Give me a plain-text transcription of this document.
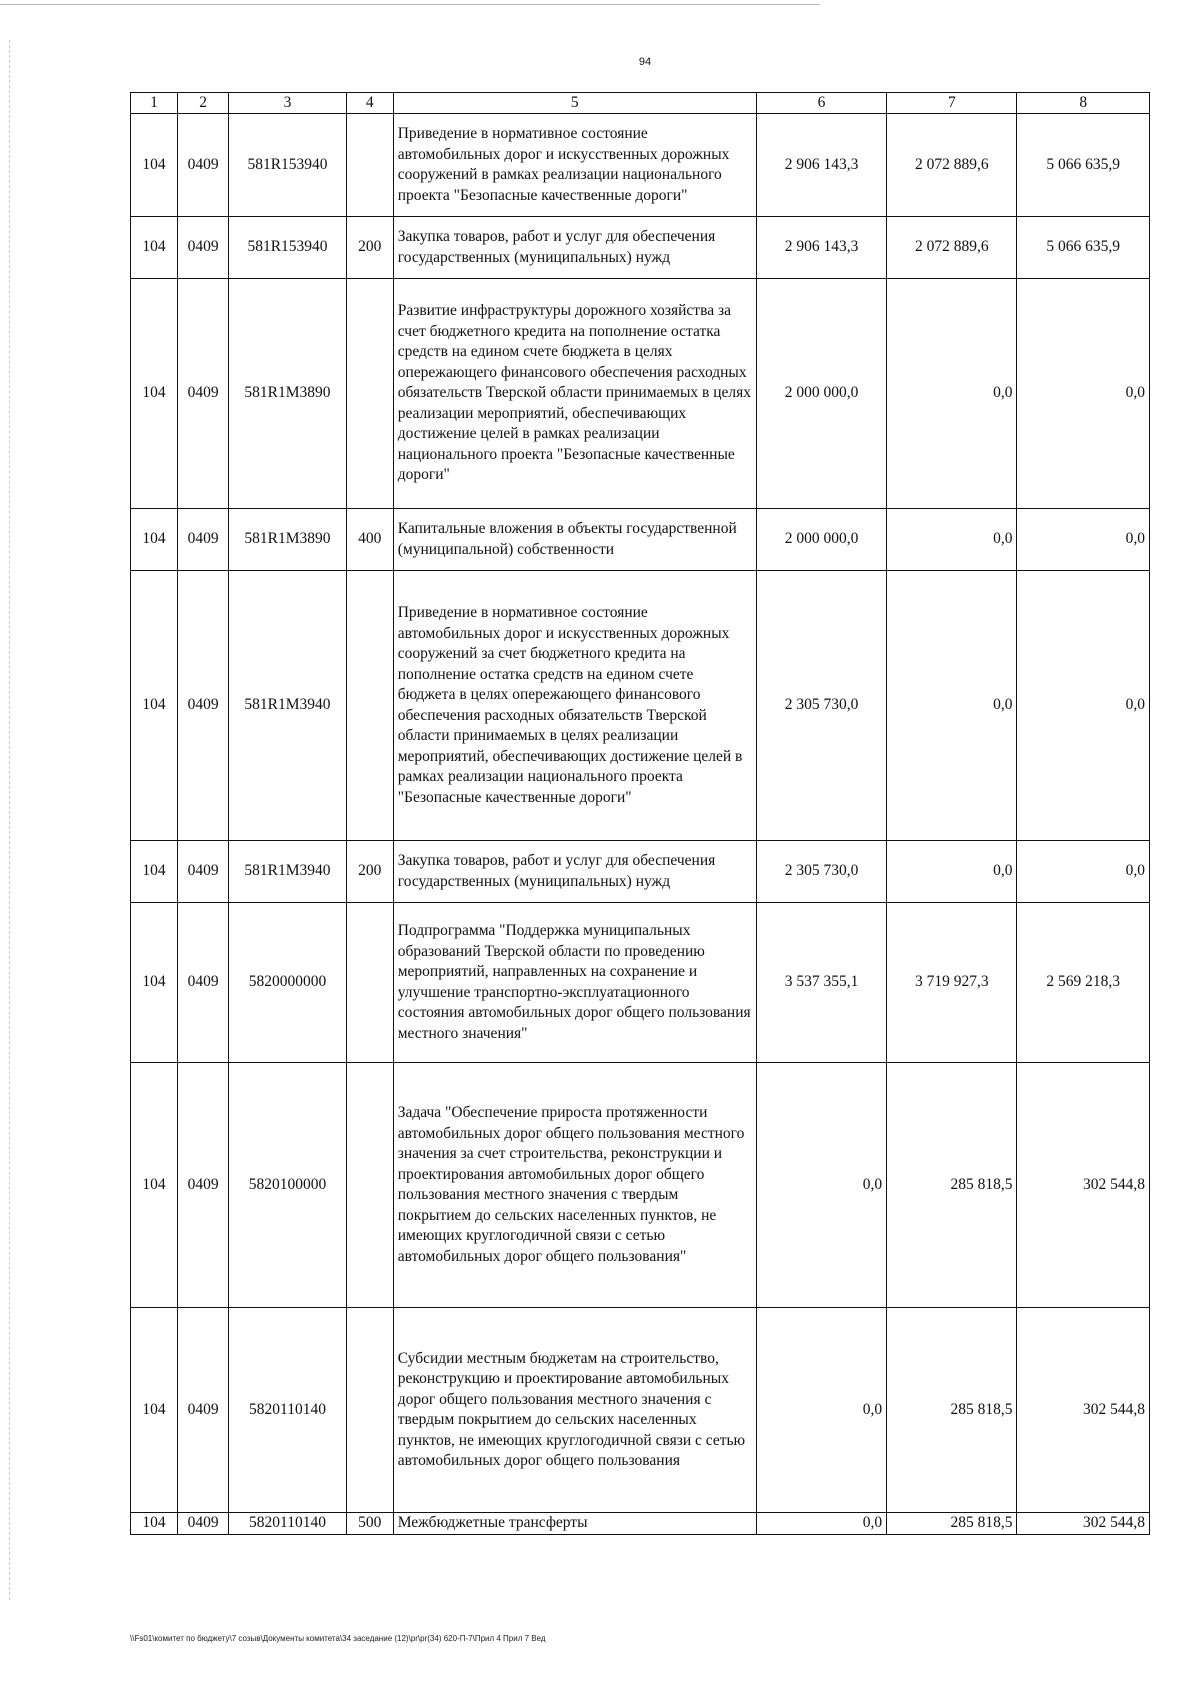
94
1	2	3	4	5	6	7	8
104	0409	581R153940		Приведение в нормативное состояние автомобильных дорог и искусственных дорожных сооружений в рамках реализации национального проекта "Безопасные качественные дороги"	2 906 143,3	2 072 889,6	5 066 635,9
104	0409	581R153940	200	Закупка товаров, работ и услуг для обеспечения государственных (муниципальных) нужд	2 906 143,3	2 072 889,6	5 066 635,9
104	0409	581R1M3890		Развитие инфраструктуры дорожного хозяйства за счет бюджетного кредита на пополнение остатка средств на едином счете бюджета в целях опережающего финансового обеспечения расходных обязательств Тверской области принимаемых в целях реализации мероприятий, обеспечивающих достижение целей в рамках реализации национального проекта "Безопасные качественные дороги"	2 000 000,0	0,0	0,0
104	0409	581R1M3890	400	Капитальные вложения в объекты государственной (муниципальной) собственности	2 000 000,0	0,0	0,0
104	0409	581R1M3940		Приведение в нормативное состояние автомобильных дорог и искусственных дорожных сооружений за счет бюджетного кредита на пополнение остатка средств на едином счете бюджета в целях опережающего финансового обеспечения расходных обязательств Тверской области принимаемых в целях реализации мероприятий, обеспечивающих достижение целей в рамках реализации национального проекта "Безопасные качественные дороги"	2 305 730,0	0,0	0,0
104	0409	581R1M3940	200	Закупка товаров, работ и услуг для обеспечения государственных (муниципальных) нужд	2 305 730,0	0,0	0,0
104	0409	5820000000		Подпрограмма "Поддержка муниципальных образований Тверской области по проведению мероприятий, направленных на сохранение и улучшение транспортно-эксплуатационного состояния автомобильных дорог общего пользования местного значения"	3 537 355,1	3 719 927,3	2 569 218,3
104	0409	5820100000		Задача "Обеспечение прироста протяженности автомобильных дорог общего пользования местного значения за счет строительства, реконструкции и проектирования автомобильных дорог общего пользования местного значения с твердым покрытием до сельских населенных пунктов, не имеющих круглогодичной связи с сетью автомобильных дорог общего пользования"	0,0	285 818,5	302 544,8
104	0409	5820110140		Субсидии местным бюджетам на строительство, реконструкцию и проектирование автомобильных дорог общего пользования местного значения с твердым покрытием до сельских населенных пунктов, не имеющих круглогодичной связи с сетью автомобильных дорог общего пользования	0,0	285 818,5	302 544,8
104	0409	5820110140	500	Межбюджетные трансферты	0,0	285 818,5	302 544,8
\\Fs01\комитет по бюджету\7 созыв\Документы комитета\34 заседание (12)\pr\pr(34) 620-П-7\Прил 4 Прил 7 Вед
